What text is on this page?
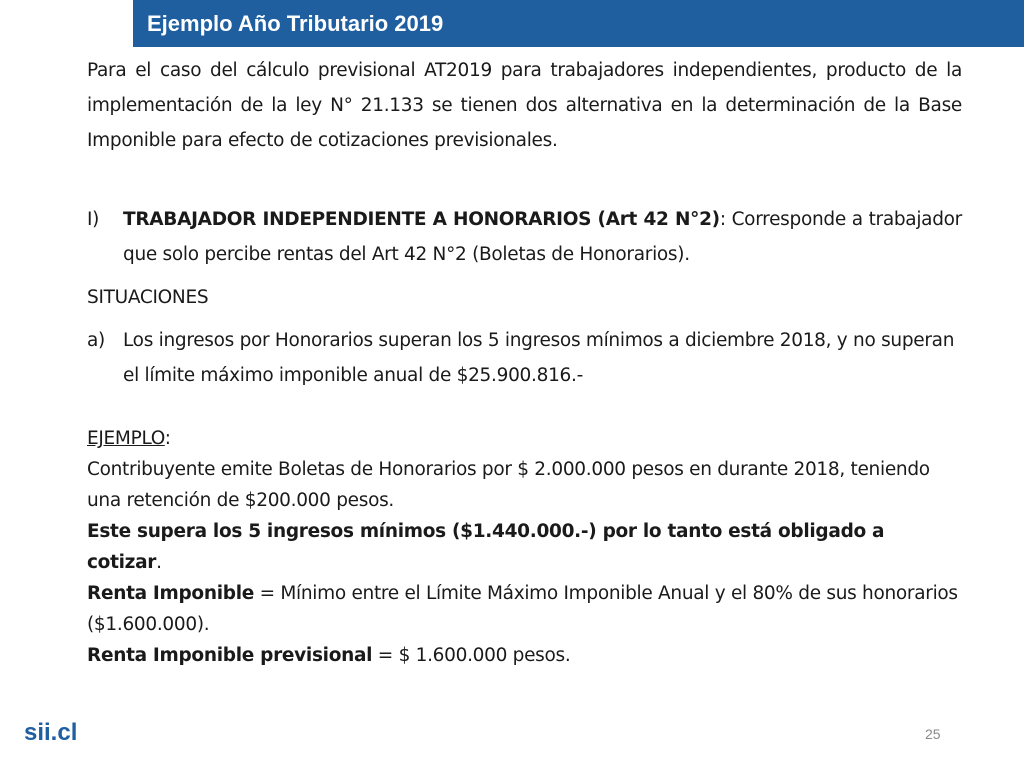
Ejemplo Año Tributario 2019

Para el caso del cálculo previsional AT2019 para trabajadores independientes, producto de la implementación de la ley N° 21.133 se tienen dos alternativa en la determinación de la Base Imponible para efecto de cotizaciones previsionales.

I)	TRABAJADOR INDEPENDIENTE A HONORARIOS (Art 42 N°2): Corresponde a trabajador que solo percibe rentas del Art 42 N°2 (Boletas de Honorarios).

SITUACIONES

a) Los ingresos por Honorarios superan los 5 ingresos mínimos a diciembre 2018, y no superan el límite máximo imponible anual de $25.900.816.-

EJEMPLO:

Contribuyente emite Boletas de Honorarios por $ 2.000.000 pesos en durante 2018, teniendo una retención de $200.000 pesos.

Este supera los 5 ingresos mínimos ($1.440.000.-) por lo tanto está obligado a cotizar.

Renta Imponible = Mínimo entre el Límite Máximo Imponible Anual y el 80% de sus honorarios ($1.600.000).

Renta Imponible previsional = $ 1.600.000 pesos.

sii.cl	25
